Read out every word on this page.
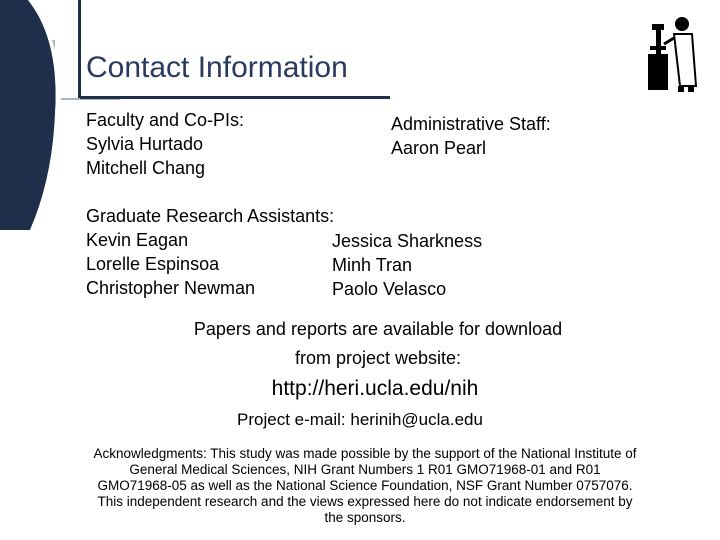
Contact Information
Faculty and Co-PIs:
Sylvia Hurtado
Mitchell Chang
Administrative Staff:
Aaron Pearl
Graduate Research Assistants:
Kevin Eagan
Lorelle Espinsoa
Christopher Newman
Jessica Sharkness
Minh Tran
Paolo Velasco
Papers and reports are available for download
from project website:
http://heri.ucla.edu/nih
Project e-mail: herinih@ucla.edu
Acknowledgments: This study was made possible by the support of the National Institute of
General Medical Sciences, NIH Grant Numbers 1 R01 GMO71968-01 and R01
GMO71968-05 as well as the National Science Foundation, NSF Grant Number 0757076.
This independent research and the views expressed here do not indicate endorsement by
the sponsors.
